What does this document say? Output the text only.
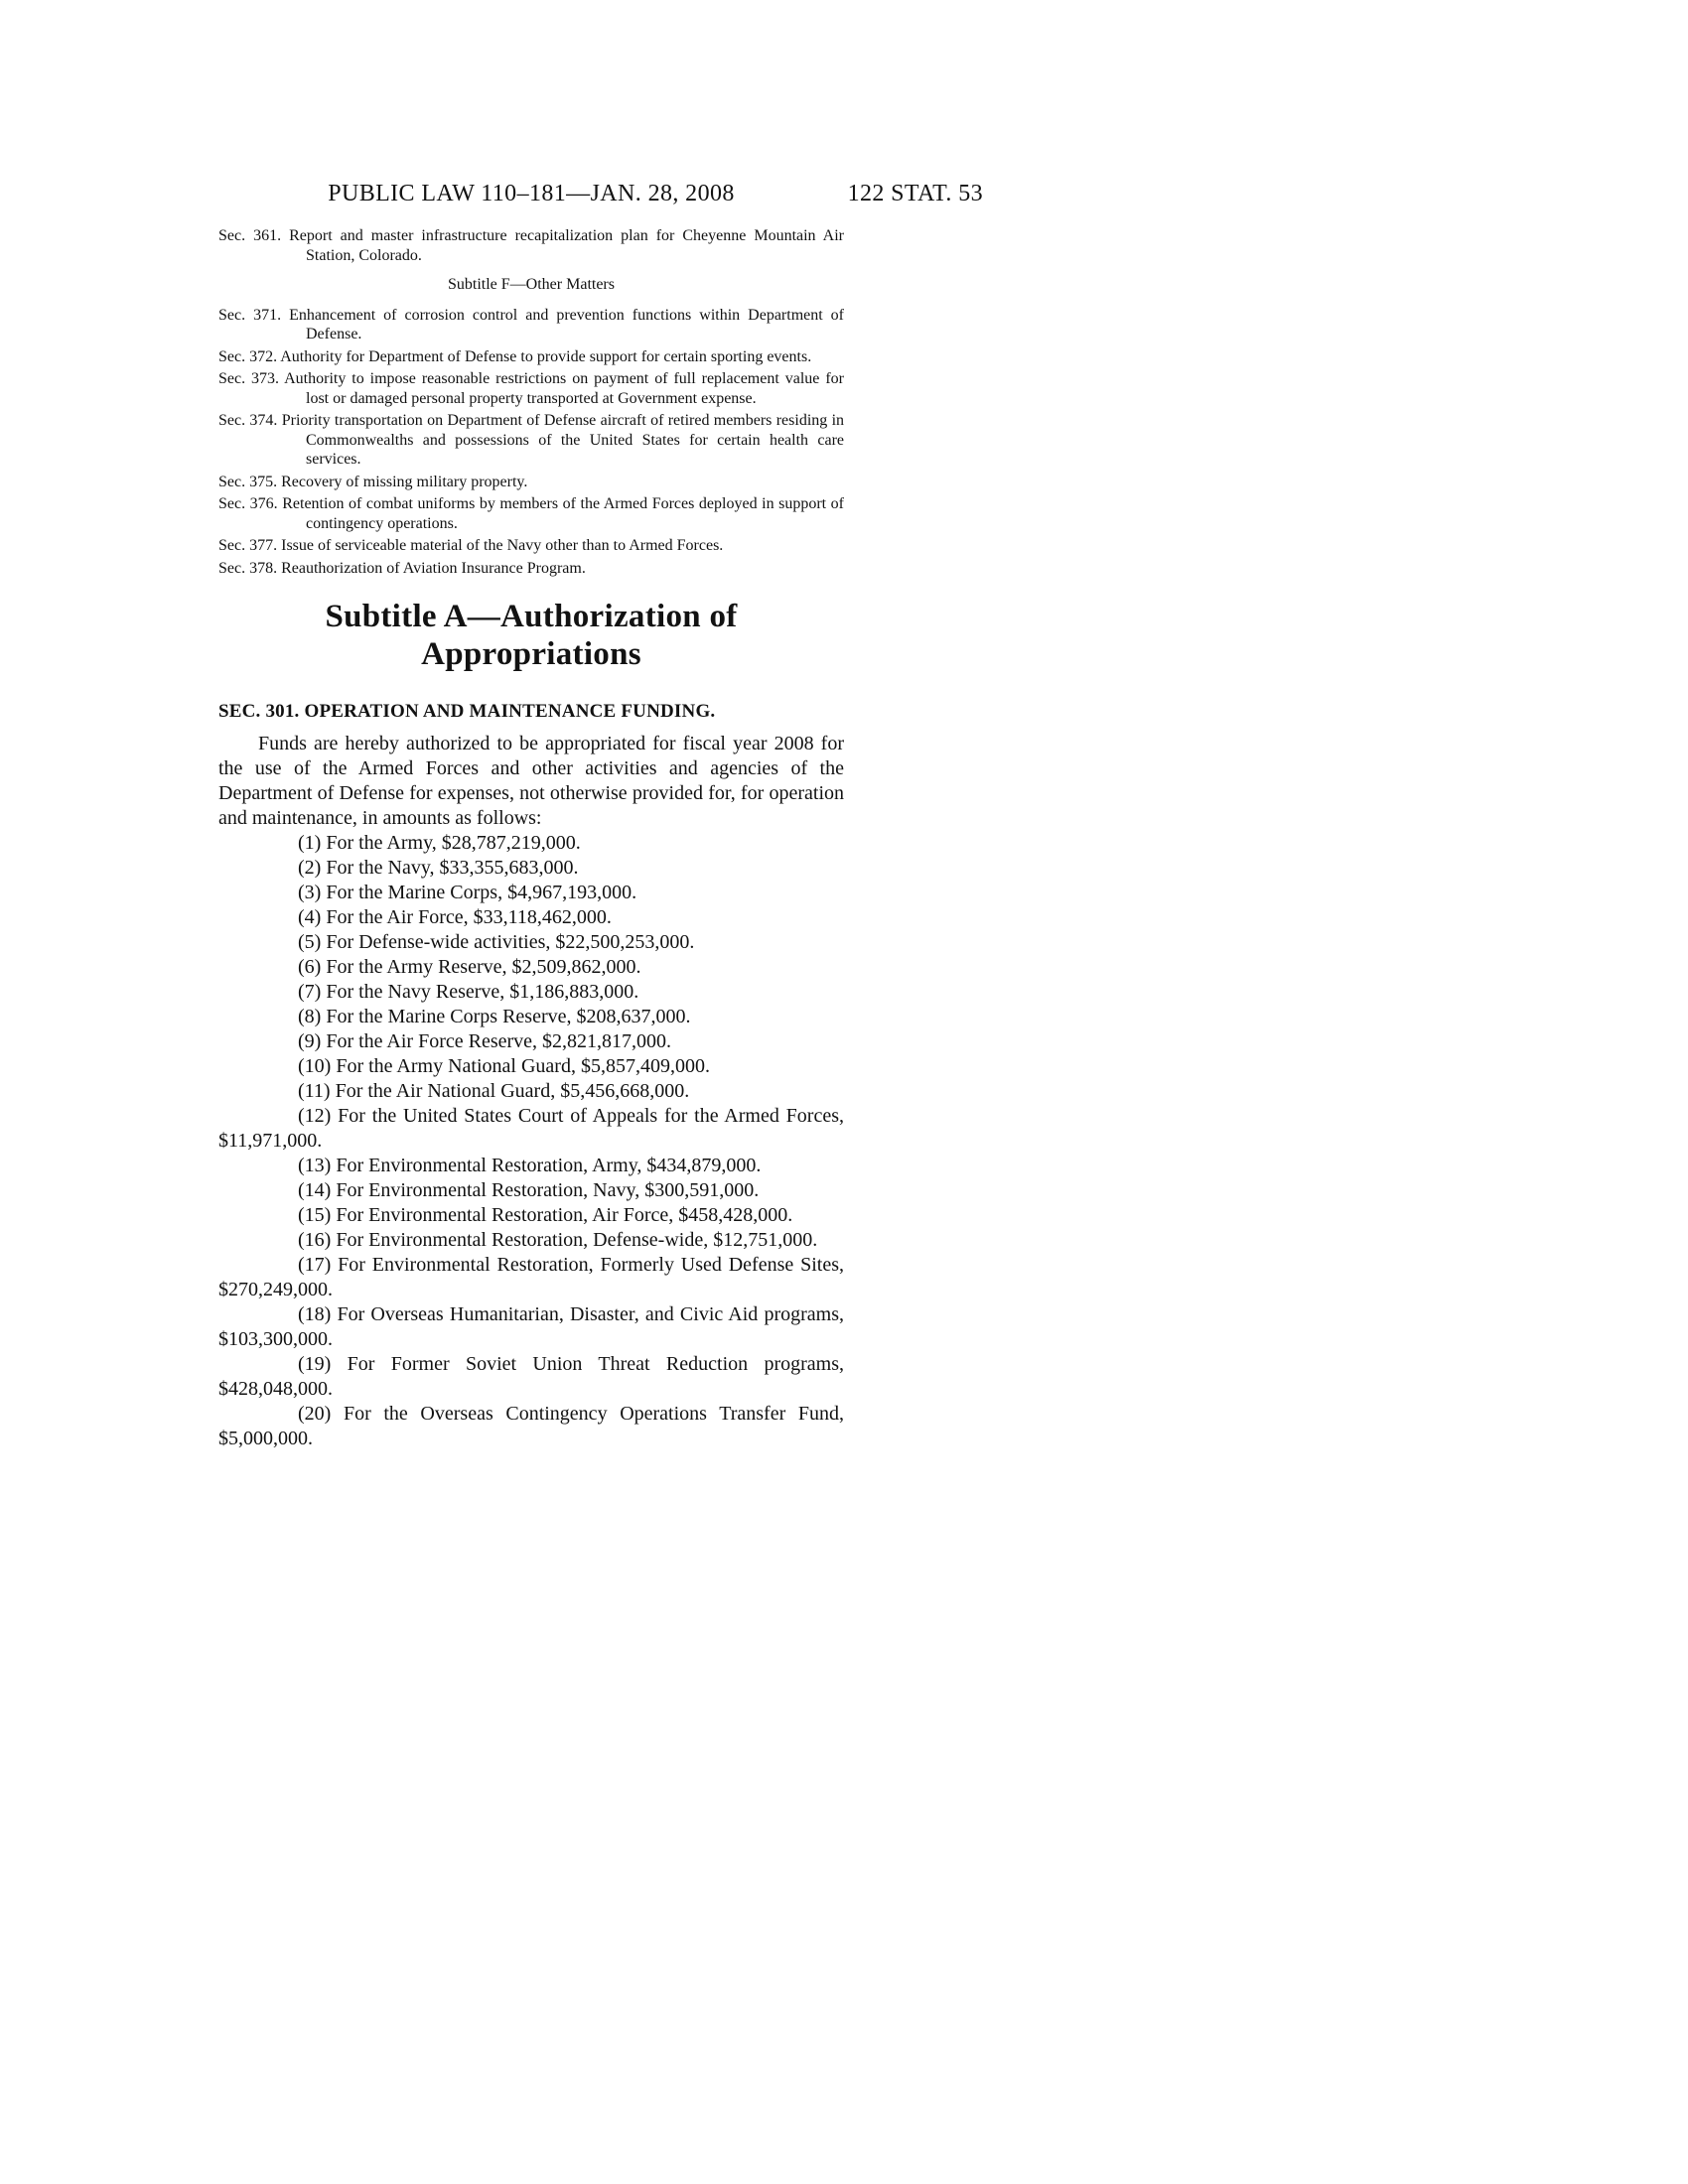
PUBLIC LAW 110–181—JAN. 28, 2008	122 STAT. 53

Sec. 361. Report and master infrastructure recapitalization plan for Cheyenne Mountain Air Station, Colorado.

Subtitle F—Other Matters

Sec. 371. Enhancement of corrosion control and prevention functions within Department of Defense.

Sec. 372. Authority for Department of Defense to provide support for certain sporting events.

Sec. 373. Authority to impose reasonable restrictions on payment of full replacement value for lost or damaged personal property transported at Government expense.

Sec. 374. Priority transportation on Department of Defense aircraft of retired members residing in Commonwealths and possessions of the United States for certain health care services.

Sec. 375. Recovery of missing military property.

Sec. 376. Retention of combat uniforms by members of the Armed Forces deployed in support of contingency operations.

Sec. 377. Issue of serviceable material of the Navy other than to Armed Forces.

Sec. 378. Reauthorization of Aviation Insurance Program.

Subtitle A—Authorization of
Appropriations
SEC. 301. OPERATION AND MAINTENANCE FUNDING.

Funds are hereby authorized to be appropriated for fiscal year 2008 for the use of the Armed Forces and other activities and agencies of the Department of Defense for expenses, not otherwise provided for, for operation and maintenance, in amounts as follows:

(1) For the Army, $28,787,219,000.

(2) For the Navy, $33,355,683,000.

(3) For the Marine Corps, $4,967,193,000.

(4) For the Air Force, $33,118,462,000.

(5) For Defense-wide activities, $22,500,253,000.

(6) For the Army Reserve, $2,509,862,000.

(7) For the Navy Reserve, $1,186,883,000.

(8) For the Marine Corps Reserve, $208,637,000.

(9) For the Air Force Reserve, $2,821,817,000.

(10) For the Army National Guard, $5,857,409,000.

(11) For the Air National Guard, $5,456,668,000.

(12) For the United States Court of Appeals for the Armed Forces, $11,971,000.

(13) For Environmental Restoration, Army, $434,879,000.

(14) For Environmental Restoration, Navy, $300,591,000.

(15) For Environmental Restoration, Air Force, $458,428,000.

(16) For Environmental Restoration, Defense-wide, $12,751,000.

(17) For Environmental Restoration, Formerly Used Defense Sites, $270,249,000.

(18) For Overseas Humanitarian, Disaster, and Civic Aid programs, $103,300,000.

(19) For Former Soviet Union Threat Reduction programs, $428,048,000.

(20) For the Overseas Contingency Operations Transfer Fund, $5,000,000.
